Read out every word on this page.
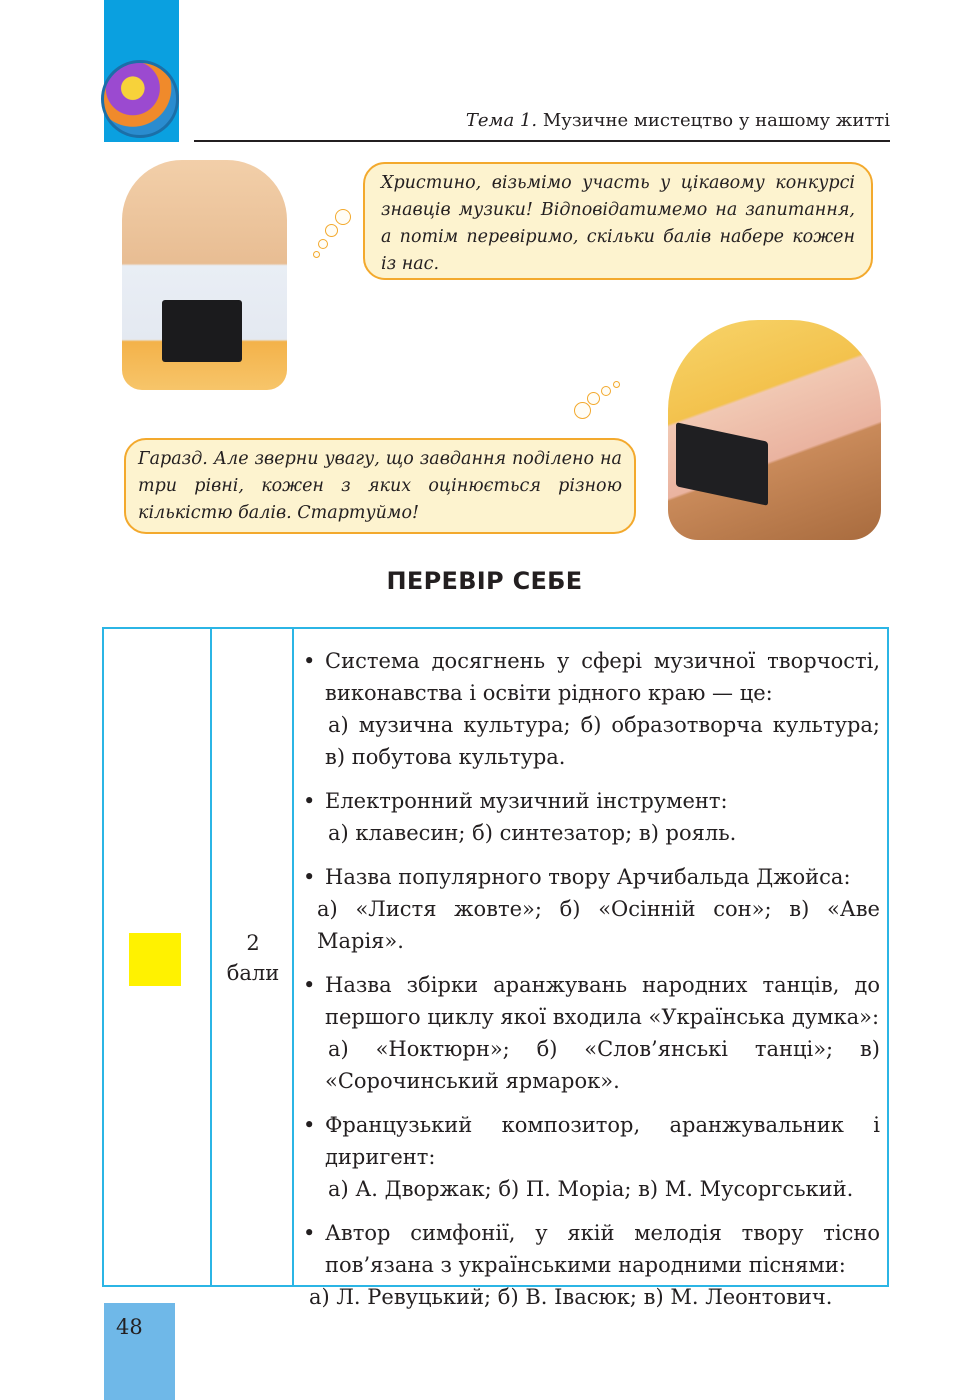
Тема 1. Музичне мистецтво у нашому житті
Христино, візьмімо участь у цікавому конкурсі знавців музики! Відповідатимемо на запитання, а потім перевіримо, скільки балів набере кожен із нас.
Гаразд. Але зверни увагу, що завдання поділено на три рівні, кожен з яких оцінюється різною кількістю балів. Стартуймо!
ПЕРЕВІР СЕБЕ
2
бали
• Система досягнень у сфері музичної творчості, виконавства і освіти рідного краю — це:
а) музична культура; б) образотворча культура; в) побутова культура.
• Електронний музичний інструмент:
а) клавесин; б) синтезатор; в) рояль.
• Назва популярного твору Арчибальда Джойса:
а) «Листя жовте»; б) «Осінній сон»; в) «Аве Марія».
• Назва збірки аранжувань народних танців, до першого циклу якої входила «Українська думка»:
а) «Ноктюрн»; б) «Слов’янські танці»; в) «Сорочинський ярмарок».
• Французький композитор, аранжувальник і диригент:
а) А. Дворжак; б) П. Моріа; в) М. Мусоргський.
• Автор симфонії, у якій мелодія твору тісно пов’язана з українськими народними піснями:
а) Л. Ревуцький; б) В. Івасюк; в) М. Леонтович.
48
